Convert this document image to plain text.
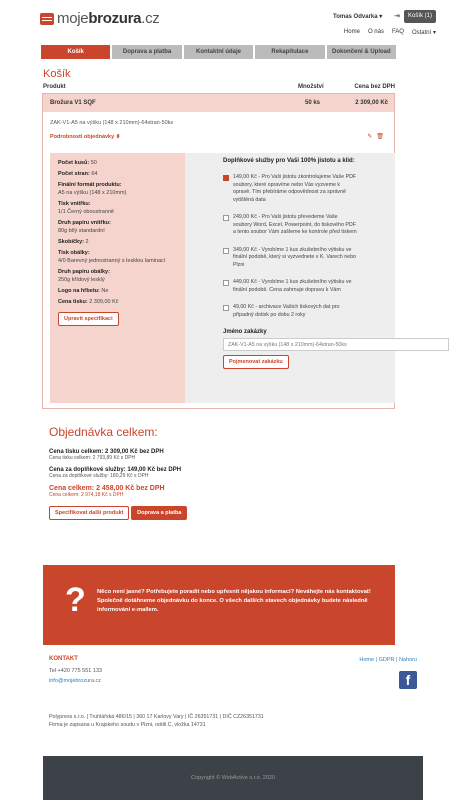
mojebrozura.cz	Tomas Odvarka ▾ ⇥	Košík (1)
Home O nás FAQ Ostatní ▾
Košík	Doprava a platba	Kontaktní údaje	Rekapitulace	Dokončení & Upload
Košík
Produkt	Množství	Cena bez DPH
Brožura V1 SQF	50 ks	2 309,00 Kč
ZAK-V1-A5 na výšku (148 x 210mm)-64stran-50ks
Podrobnosti objednávky ⬍	✎ 🗑
Počet kusů: 50
Počet stran: 64
Finální formát produktu:
A5 na výšku (148 x 210mm)
Tisk vnitřku:
1/1 Černý oboustranně
Druh papíru vnitřku:
80g bílý standardní
Skobičky: 2
Tisk obálky:
4/0 Barevný jednostranný s lesklou laminací
Druh papíru obálky:
250g křídový lesklý
Logo na hřbetu: Ne
Cena tisku: 2 309,00 Kč
Upravit specifikaci
Doplňkové služby pro Vaši 100% jistotu a klid:
149,00 Kč - Pro Vaši jistotu zkontrolujeme Vaše PDF soubory, které opravíme nebo Vás vyzveme k opravě. Tím přebíráme odpovědnost za správně vytištěná data
249,00 Kč - Pro Vaši jistotu převedeme Vaše soubory Word, Excel, Powerpoint, do tiskového PDF a tento soubor Vám zašleme ke kontrole před tiskem
349,00 Kč - Vyrobíme 1 kus zkušebního výtisku ve finální podobě, který si vyzvednete v K. Varech nebo Plzni
449,00 Kč - Vyrobíme 1 kus zkušebního výtisku ve finální podobě. Cena zahrnuje dopravu k Vám
49,00 Kč - archivace Vašich tiskových dat pro případný dotisk po dobu 2 roky
Jméno zakázky
ZAK-V1-A5 na výšku (148 x 210mm)-64stran-50ks Pojmenovat zakázku
Objednávka celkem:
Cena tisku celkem: 2 309,00 Kč bez DPH
Cena tisku celkem: 2 793,89 Kč s DPH
Cena za doplňkové služby: 149,00 Kč bez DPH
Cena za doplňkové služby: 180,29 Kč s DPH
Cena celkem: 2 458,00 Kč bez DPH
Cena celkem: 2 974,18 Kč s DPH
Specifikovat další produkt Doprava a platba
? Něco není jasné? Potřebujete poradit nebo upřesnit nějakou informaci? Neváhejte nás kontaktovat! Společně dotáhneme objednávku do konce. O všech dalších stavech objednávky budete následně informováni e-mailem.
KONTAKT
Tel +420 775 551 133
info@mojebrozura.cz
Home | GDPR | Nahoru
f
Polypress s.r.o. | Truhlářská 486/15 | 360 17 Karlovy Vary | IČ 26351731 | DIČ CZ26351731
Firma je zapsana u Krajskeho soudu v Plzni, oddil C, vložka 14731
Copyright © WebActive s.r.o. 2020
